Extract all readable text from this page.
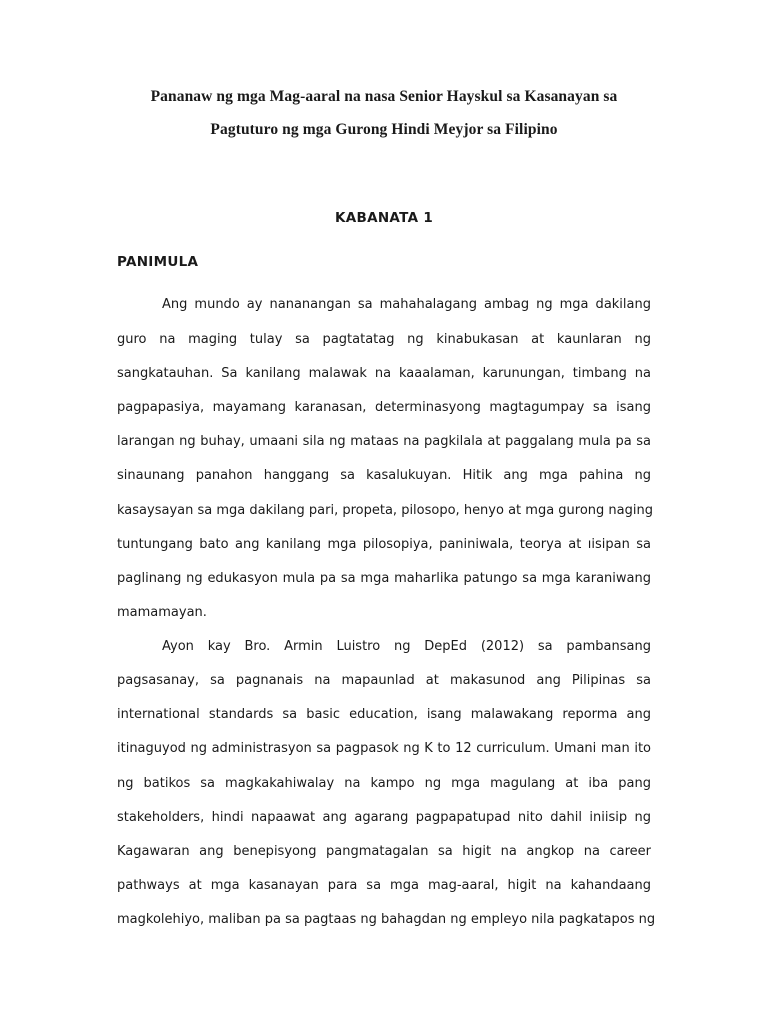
Pananaw ng mga Mag-aaral na nasa Senior Hayskul sa Kasanayan sa
Pagtuturo ng mga Gurong Hindi Meyjor sa Filipino
KABANATA 1
PANIMULA
Ang mundo ay nananangan sa mahahalagang ambag ng mga dakilang
guro na maging tulay sa pagtatatag ng kinabukasan at kaunlaran ng
sangkatauhan. Sa kanilang malawak na kaaalaman, karunungan, timbang na
pagpapasiya, mayamang karanasan, determinasyong magtagumpay sa isang
larangan ng buhay, umaani sila ng mataas na pagkilala at paggalang mula pa sa
sinaunang panahon hanggang sa kasalukuyan. Hitik ang mga pahina ng
kasaysayan sa mga dakilang pari, propeta, pilosopo, henyo at mga gurong naging
tuntungang bato ang kanilang mga pilosopiya, paniniwala, teorya at ıisipan sa
paglinang ng edukasyon mula pa sa mga maharlika patungo sa mga karaniwang
mamamayan.
Ayon kay Bro. Armin Luistro ng DepEd (2012) sa pambansang
pagsasanay, sa pagnanais na mapaunlad at makasunod ang Pilipinas sa
international standards sa basic education, isang malawakang reporma ang
itinaguyod ng administrasyon sa pagpasok ng K to 12 curriculum. Umani man ito
ng batikos sa magkakahiwalay na kampo ng mga magulang at iba pang
stakeholders, hindi napaawat ang agarang pagpapatupad nito dahil iniisip ng
Kagawaran ang benepisyong pangmatagalan sa higit na angkop na career
pathways at mga kasanayan para sa mga mag-aaral, higit na kahandaang
magkolehiyo, maliban pa sa pagtaas ng bahagdan ng empleyo nila pagkatapos ng
